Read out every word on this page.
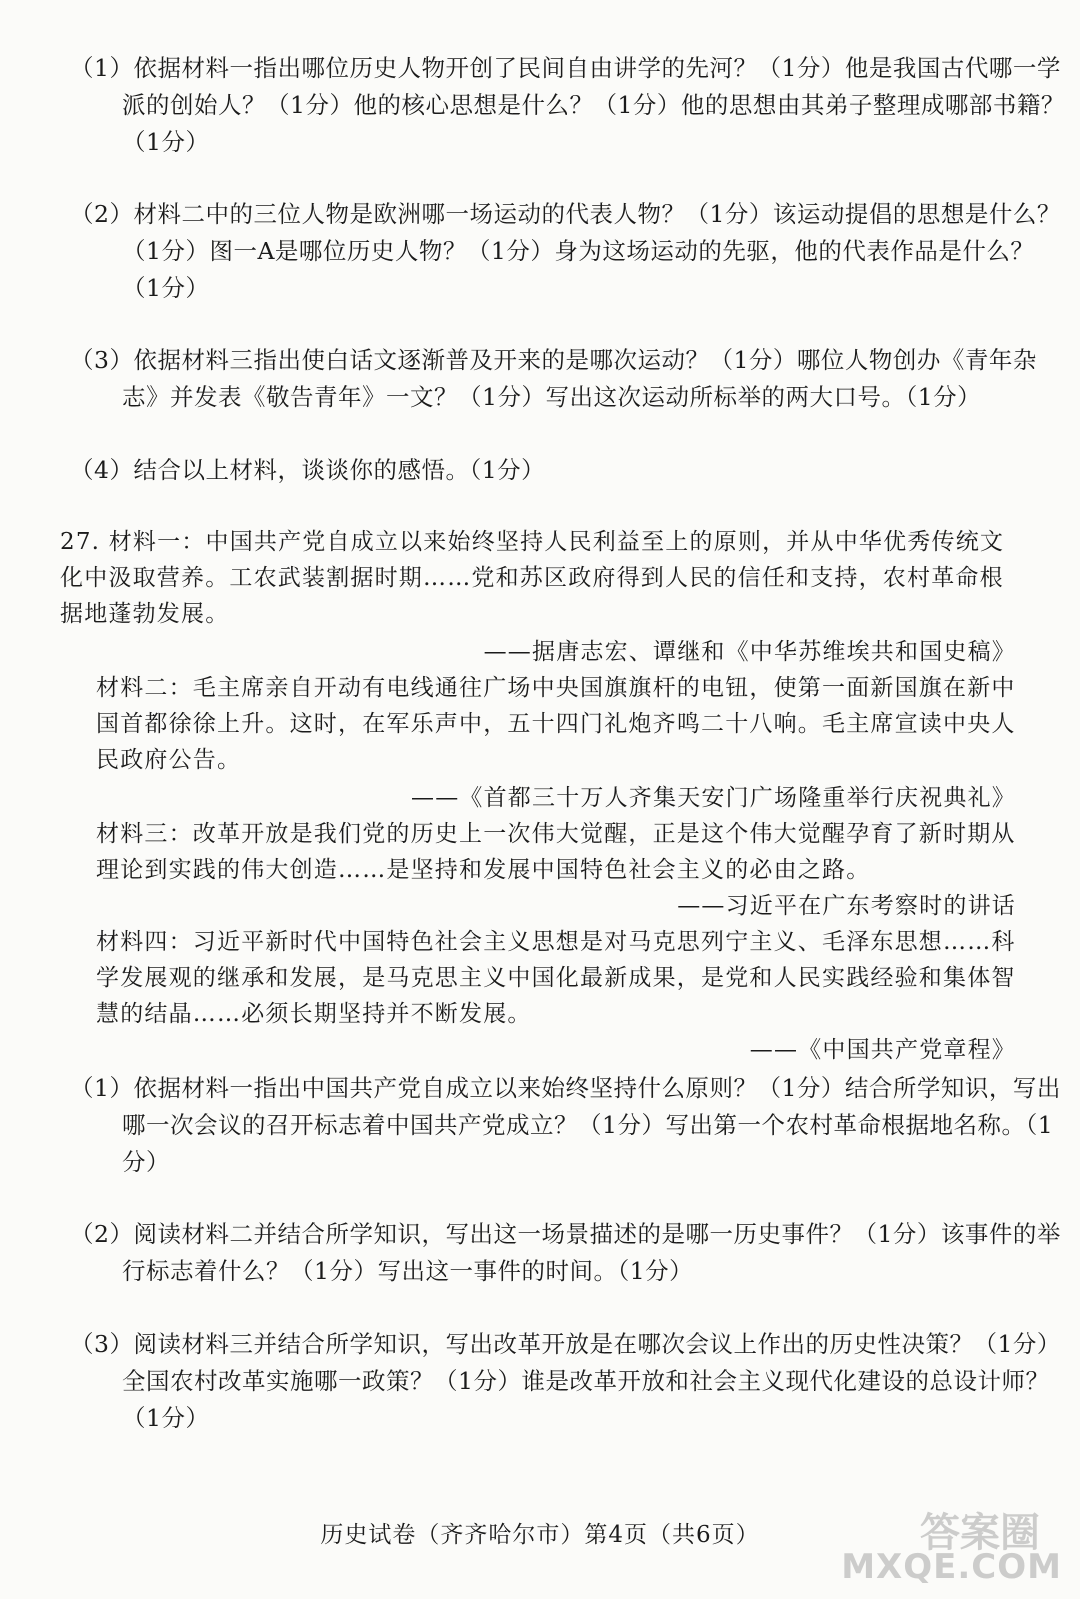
（1）依据材料一指出哪位历史人物开创了民间自由讲学的先河？（1分）他是我国古代哪一学派的创始人？（1分）他的核心思想是什么？（1分）他的思想由其弟子整理成哪部书籍？（1分）

（2）材料二中的三位人物是欧洲哪一场运动的代表人物？（1分）该运动提倡的思想是什么？（1分）图一A是哪位历史人物？（1分）身为这场运动的先驱，他的代表作品是什么？（1分）

（3）依据材料三指出使白话文逐渐普及开来的是哪次运动？（1分）哪位人物创办《青年杂志》并发表《敬告青年》一文？（1分）写出这次运动所标举的两大口号。（1分）

（4）结合以上材料，谈谈你的感悟。（1分）

27. 材料一：中国共产党自成立以来始终坚持人民利益至上的原则，并从中华优秀传统文化中汲取营养。工农武装割据时期……党和苏区政府得到人民的信任和支持，农村革命根据地蓬勃发展。

——据唐志宏、谭继和《中华苏维埃共和国史稿》

材料二：毛主席亲自开动有电线通往广场中央国旗旗杆的电钮，使第一面新国旗在新中国首都徐徐上升。这时，在军乐声中，五十四门礼炮齐鸣二十八响。毛主席宣读中央人民政府公告。

——《首都三十万人齐集天安门广场隆重举行庆祝典礼》

材料三：改革开放是我们党的历史上一次伟大觉醒，正是这个伟大觉醒孕育了新时期从理论到实践的伟大创造……是坚持和发展中国特色社会主义的必由之路。

——习近平在广东考察时的讲话

材料四：习近平新时代中国特色社会主义思想是对马克思列宁主义、毛泽东思想……科学发展观的继承和发展，是马克思主义中国化最新成果，是党和人民实践经验和集体智慧的结晶……必须长期坚持并不断发展。

——《中国共产党章程》

（1）依据材料一指出中国共产党自成立以来始终坚持什么原则？（1分）结合所学知识，写出哪一次会议的召开标志着中国共产党成立？（1分）写出第一个农村革命根据地名称。（1分）

（2）阅读材料二并结合所学知识，写出这一场景描述的是哪一历史事件？（1分）该事件的举行标志着什么？（1分）写出这一事件的时间。（1分）

（3）阅读材料三并结合所学知识，写出改革开放是在哪次会议上作出的历史性决策？（1分）全国农村改革实施哪一政策？（1分）谁是改革开放和社会主义现代化建设的总设计师？（1分）

历史试卷（齐齐哈尔市）第4页（共6页）	答案圈
MXQE.COM
